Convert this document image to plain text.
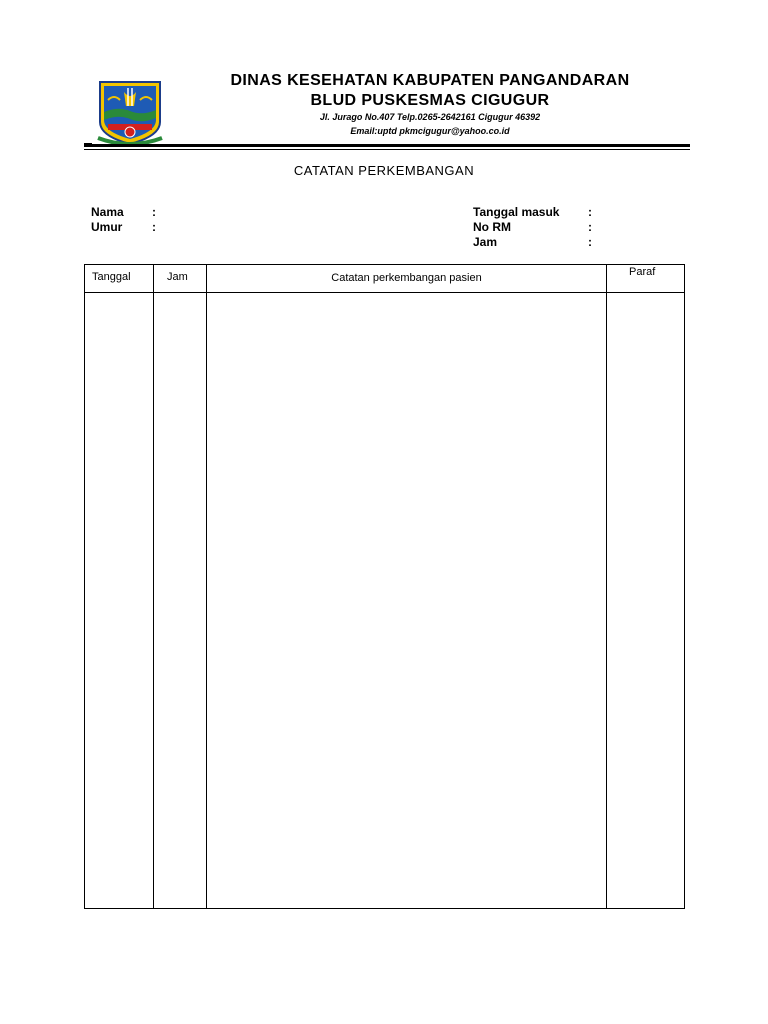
DINAS KESEHATAN KABUPATEN PANGANDARAN
BLUD PUSKESMAS CIGUGUR
Jl. Jurago No.407 Telp.0265-2642161 Cigugur 46392
Email:uptd pkmcigugur@yahoo.co.id
CATATAN PERKEMBANGAN
Nama :
Umur :
Tanggal masuk :
No RM	:
Jam	:
Tanggal	Jam	Catatan perkembangan pasien	Paraf
